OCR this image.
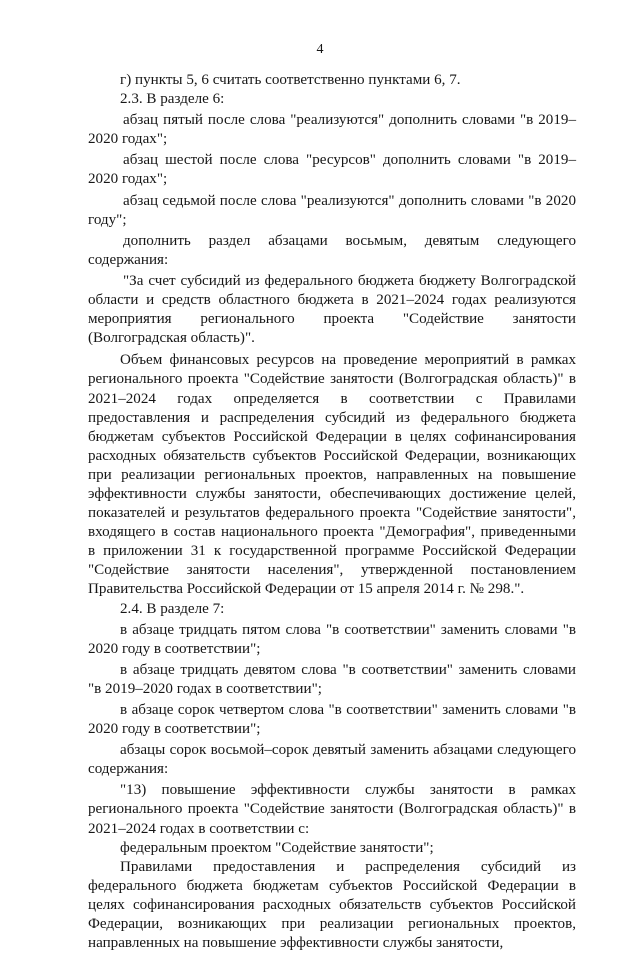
4

г) пункты 5, 6 считать соответственно пунктами 6, 7.

2.3. В разделе 6:

абзац пятый после слова "реализуются" дополнить словами "в 2019–2020 годах";

абзац шестой после слова "ресурсов" дополнить словами "в 2019–2020 годах";

абзац седьмой после слова "реализуются" дополнить словами "в 2020 году";

дополнить раздел абзацами восьмым, девятым следующего содержания:

"За счет субсидий из федерального бюджета бюджету Волгоградской области и средств областного бюджета в 2021–2024 годах реализуются мероприятия регионального проекта "Содействие занятости (Волгоградская область)".

Объем финансовых ресурсов на проведение мероприятий в рамках регионального проекта "Содействие занятости (Волгоградская область)" в 2021–2024 годах определяется в соответствии с Правилами предоставления и распределения субсидий из федерального бюджета бюджетам субъектов Российской Федерации в целях софинансирования расходных обязательств субъектов Российской Федерации, возникающих при реализации региональных проектов, направленных на повышение эффективности службы занятости, обеспечивающих достижение целей, показателей и результатов федерального проекта "Содействие занятости", входящего в состав национального проекта "Демография", приведенными в приложении 31 к государственной программе Российской Федерации "Содействие занятости населения", утвержденной постановлением Правительства Российской Федерации от 15 апреля 2014 г. № 298.".

2.4. В разделе 7:

в абзаце тридцать пятом слова "в соответствии" заменить словами "в 2020 году в соответствии";

в абзаце тридцать девятом слова "в соответствии" заменить словами "в 2019–2020 годах в соответствии";

в абзаце сорок четвертом слова "в соответствии" заменить словами "в 2020 году в соответствии";

абзацы сорок восьмой–сорок девятый заменить абзацами следующего содержания:

"13) повышение эффективности службы занятости в рамках регионального проекта "Содействие занятости (Волгоградская область)" в 2021–2024 годах в соответствии с:

федеральным проектом "Содействие занятости";

Правилами предоставления и распределения субсидий из федерального бюджета бюджетам субъектов Российской Федерации в целях софинансирования расходных обязательств субъектов Российской Федерации, возникающих при реализации региональных проектов, направленных на повышение эффективности службы занятости,
